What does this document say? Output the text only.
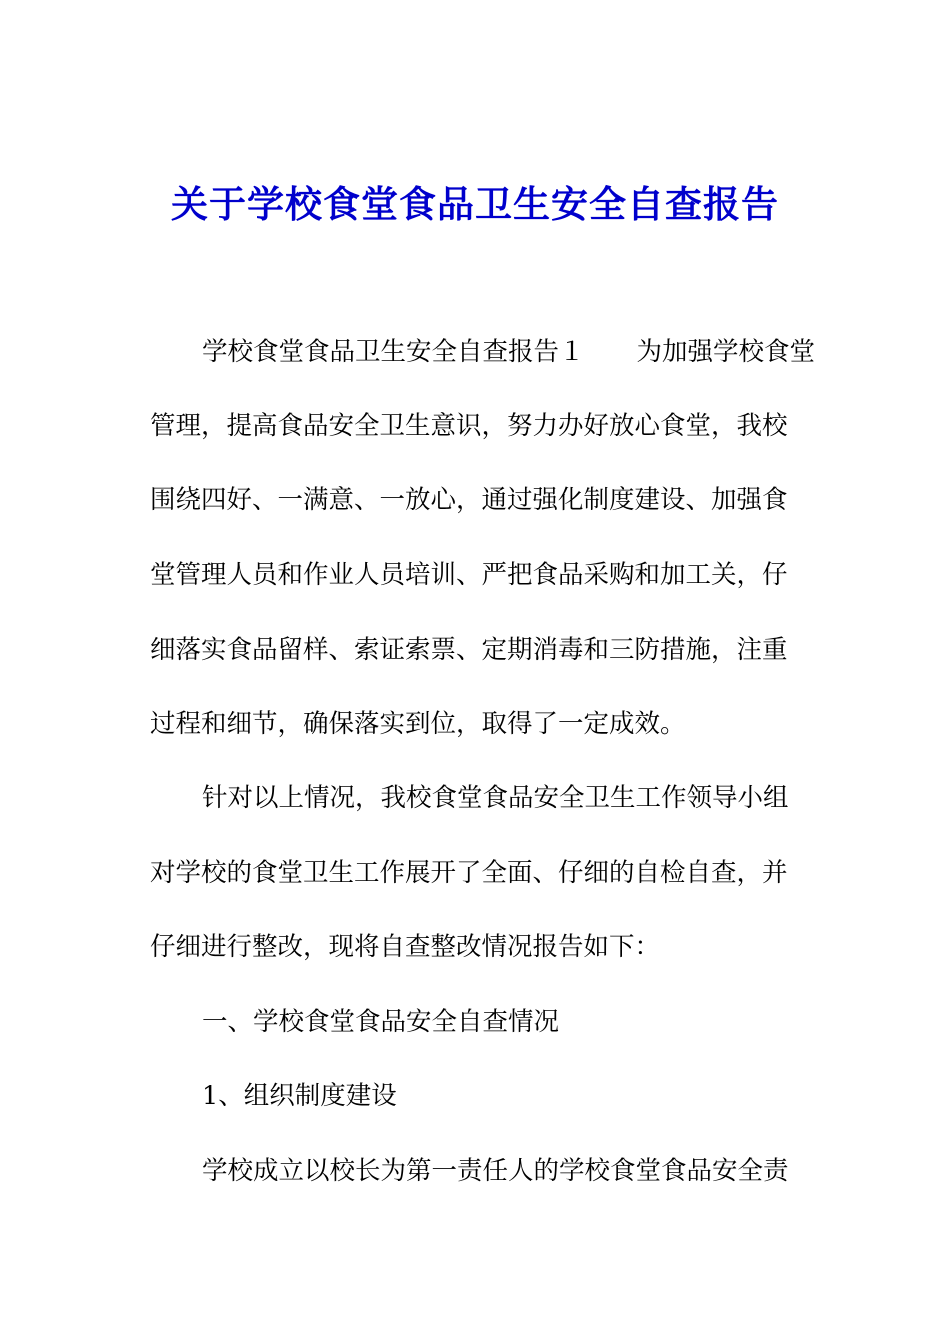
关于学校食堂食品卫生安全自查报告
学校食堂食品卫生安全自查报告１ 为加强学校食堂
管理，提高食品安全卫生意识，努力办好放心食堂，我校
围绕四好、一满意、一放心，通过强化制度建设、加强食
堂管理人员和作业人员培训、严把食品采购和加工关，仔
细落实食品留样、索证索票、定期消毒和三防措施，注重
过程和细节，确保落实到位，取得了一定成效。
针对以上情况，我校食堂食品安全卫生工作领导小组
对学校的食堂卫生工作展开了全面、仔细的自检自查，并
仔细进行整改，现将自查整改情况报告如下：
一、学校食堂食品安全自查情况
1、组织制度建设
学校成立以校长为第一责任人的学校食堂食品安全责
